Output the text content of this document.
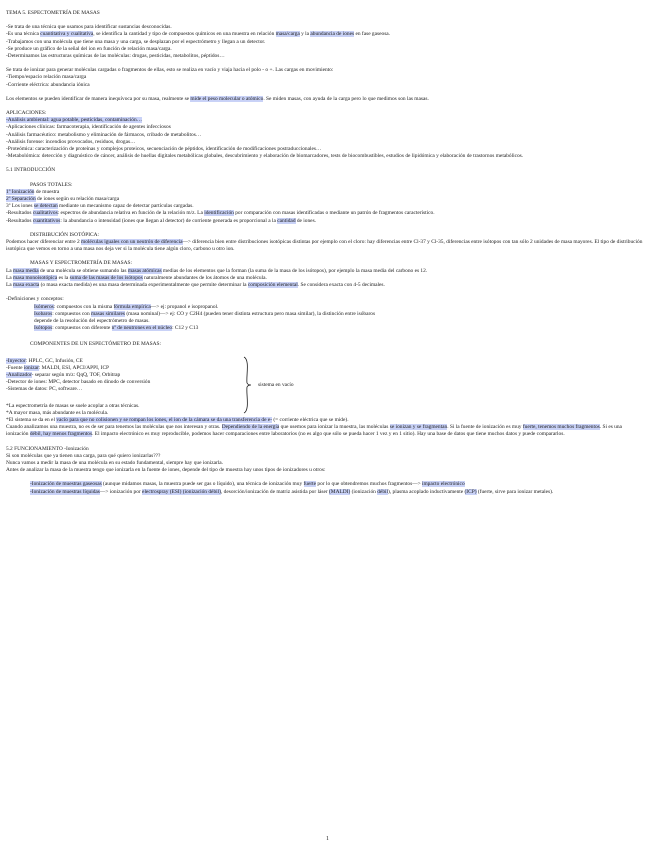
TEMA 5. ESPECTOMETRÍA DE MASAS

-Se trata de una técnica que usamos para identificar sustancias desconocidas.

-Es una técnica cuantitativa y cualitativa, se identifica la cantidad y tipo de compuestos químicos en una muestra en relación masa/carga y la abundancia de iones en fase gaseosa.

-Trabajamos con una molécula que tiene una masa y una carga, se desplazan por el espectrómetro y llegan a un detector.

-Se produce un gráfico de la señal del ion en función de relación masa/carga.

-Determinamos las estructuras químicas de las moléculas: drogas, pesticidas, metabolitos, péptidos…

Se trata de ionizar para generar moléculas cargadas o fragmentos de ellas, esto se realiza en vacío y viaja hacia el polo - o +. Las cargas en movimiento:

-Tiempo/espacio relación masa/carga

-Corriente eléctrica: abundancia iónica

Los elementos se pueden identificar de manera inequívoca por su masa, realmente se mide el peso molecular o atómico. Se miden masas, con ayuda de la carga pero lo que medimos son las masas.

APLICACIONES:

-Análisis ambiental: agua potable, pesticidas, contaminación…

-Aplicaciones clínicas: farmacoterapia, identificación de agentes infecciosos

-Análisis farmacéutico: metabolismo y eliminación de fármacos, cribado de metabolitos…

-Análisis forense: incendios provocados, residuos, drogas…

-Proteómica: caracterización de proteínas y complejos proteicos, secuenciación de péptidos, identificación de modificaciones postraduccionales…

-Metabolómica: detección y diagnóstico de cáncer, análisis de huellas digitales metabólicas globales, descubrimiento y elaboración de biomarcadores, tests de biocombustibles, estudios de lipidómica y elaboración de trastornos metabólicos.

5.1 INTRODUCCIÓN

PASOS TOTALES:

1º Ionización de muestra

2º Separación de iones según su relación masa/carga

3º Los iones se detectan mediante un mecanismo capaz de detectar partículas cargadas.

-Resultados cualitativos: espectros de abundancia relativa en función de la relación m/z. La identificación por comparación con masas identificadas o mediante un patrón de fragmentos característico.

-Resultados cuantitativos: la abundancia o intensidad (iones que llegan al detector) de corriente generada es proporcional a la cantidad de iones.

DISTRIBUCIÓN ISOTÓPICA:

Podemos hacer diferenciar entre 2 moléculas iguales con un neutrón de diferencia—> diferencia bien entre distribuciones isotópicas distintas por ejemplo con el cloro: hay diferencias entre Cl-37 y Cl-35, diferencias entre isótopos con tan sólo 2 unidades de masa mayores. El tipo de distribución isotópica que vemos en torno a una masa nos deja ver si la molécula tiene algún cloro, carbono u otro ion.

MASAS Y ESPECTROMETRÍA DE MASAS:

La masa media de una molécula se obtiene sumando las masas atómicas medias de los elementos que la forman (la suma de la masa de los isótopos), por ejemplo la masa media del carbono es 12.

La masa monoisotópica es la suma de las masas de los isótopos naturalmente abundantes de los átomos de una molécula.

La masa exacta (o masa exacta medida) es una masa determinada experimentalmente que permite determinar la composición elemental. Se considera exacta con 4-5 decimales.

-Definiciones y conceptos:

Isómeros: compuestos con la misma fórmula empírica—> ej: propanol e isopropanol.

Isobaros: compuestos con masas similares (masa nominal)—> ej: CO y C2H4 (pueden tener distinta estructura pero masa similar), la distinción entre isóbaros

depende de la resolución del espectrómetro de masas.

Isótopos: compuestos con diferente nº de neutrones en el núcleo: C12 y C13

COMPONENTES DE UN ESPECTÓMETRO DE MASAS:

-Inyector: HPLC, GC, Infusión, CE

-Fuente ionizar: MALDI, ESI, APCI/APPI, ICP

-Analizador- separar según m/z: QqQ, TOF, Orbitrap

-Detector de iones: MPC, detector basado en dinodo de conversión

-Sistemas de datos: PC, software…

sistema en vacío

*La espectrometría de masas se suele acoplar a otras técnicas.

*A mayor masa, más abundante es la molécula.

*El sistema se da en el vacío para que no colisionen y se rompan los iones, el ion de la cámara se da una transferencia de e- (= corriente eléctrica que se mide).

Cuando analizamos una muestra, no es de ser para tenemos las moléculas que nos interesan y otras. Dependiendo de la energía que usemos para ionizar la muestra, las moléculas se ionizan y se fragmentan. Si la fuente de ionización es muy fuerte, tenemos muchos fragmentos. Si es una ionización débil, hay menos fragmentos. El impacto electrónico es muy reproducible, podemos hacer comparaciones entre laboratorios (no es algo que sólo se pueda hacer 1 vez y en 1 sitio). Hay una base de datos que tiene muchos datos y puede compararlos.

5.2 FUNCIONAMIENTO -Ionización

Si son moléculas que ya tienen una carga, para qué quiero ionizarlas???

Nunca vamos a medir la masa de una molécula en su estado fundamental, siempre hay que ionizarla.

Antes de analizar la masa de la muestra tengo que ionizarla en la fuente de iones, depende del tipo de muestra hay unos tipos de ionizadores u otros:

-Ionización de muestras gaseosas (aunque midamos masas, la muestra puede ser gas o líquido), una técnica de ionización muy fuerte por lo que obtendremos muchos fragmentos—> impacto electrónico

-Ionización de muestras líquidas—> ionización por electrospray (ESI) (ionización débil), desorción/ionización de matriz asistida por láser (MALDI) (ionización débil), plasma acoplado inductivamente (ICP) (fuerte, sirve para ionizar metales).

1
